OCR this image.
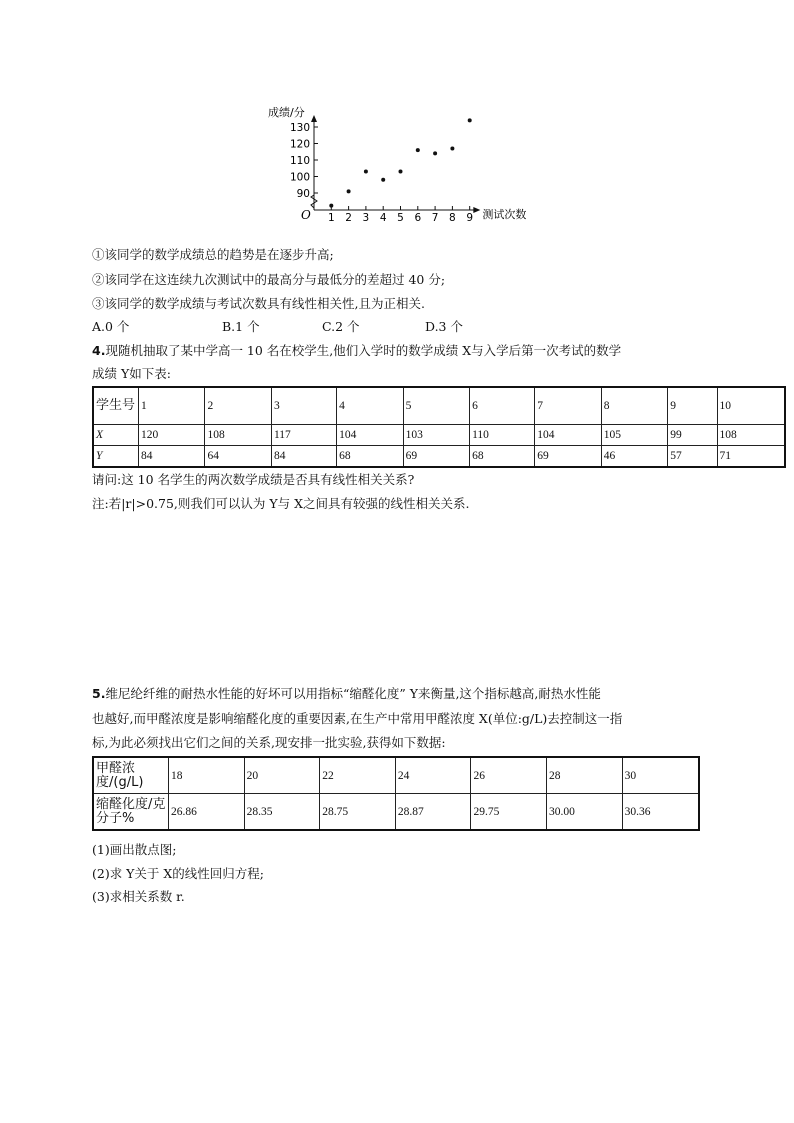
成绩/分
测试次数
O
90
100
110
120
130
1 2 3 4 5 6 7 8 9
①该同学的数学成绩总的趋势是在逐步升高;
②该同学在这连续九次测试中的最高分与最低分的差超过 40 分;
③该同学的数学成绩与考试次数具有线性相关性,且为正相关.
A.0 个	B.1 个	C.2 个	D.3 个
4.现随机抽取了某中学高一 10 名在校学生,他们入学时的数学成绩 X与入学后第一次考试的数学
成绩 Y如下表:
学生号	1	2	3	4	5	6	7	8	9	10
X	120	108	117	104	103	110	104	105	99	108
Y	84	64	84	68	69	68	69	46	57	71
请问:这 10 名学生的两次数学成绩是否具有线性相关关系?
注:若|r|>0.75,则我们可以认为 Y与 X之间具有较强的线性相关关系.
5.维尼纶纤维的耐热水性能的好坏可以用指标“缩醛化度” Y来衡量,这个指标越高,耐热水性能
也越好,而甲醛浓度是影响缩醛化度的重要因素,在生产中常用甲醛浓度 X(单位:g/L)去控制这一指
标,为此必须找出它们之间的关系,现安排一批实验,获得如下数据:
甲醛浓度/(g/L)	18	20	22	24	26	28	30
缩醛化度/克分子%	26.86	28.35	28.75	28.87	29.75	30.00	30.36
(1)画出散点图;
(2)求 Y关于 X的线性回归方程;
(3)求相关系数 r.
